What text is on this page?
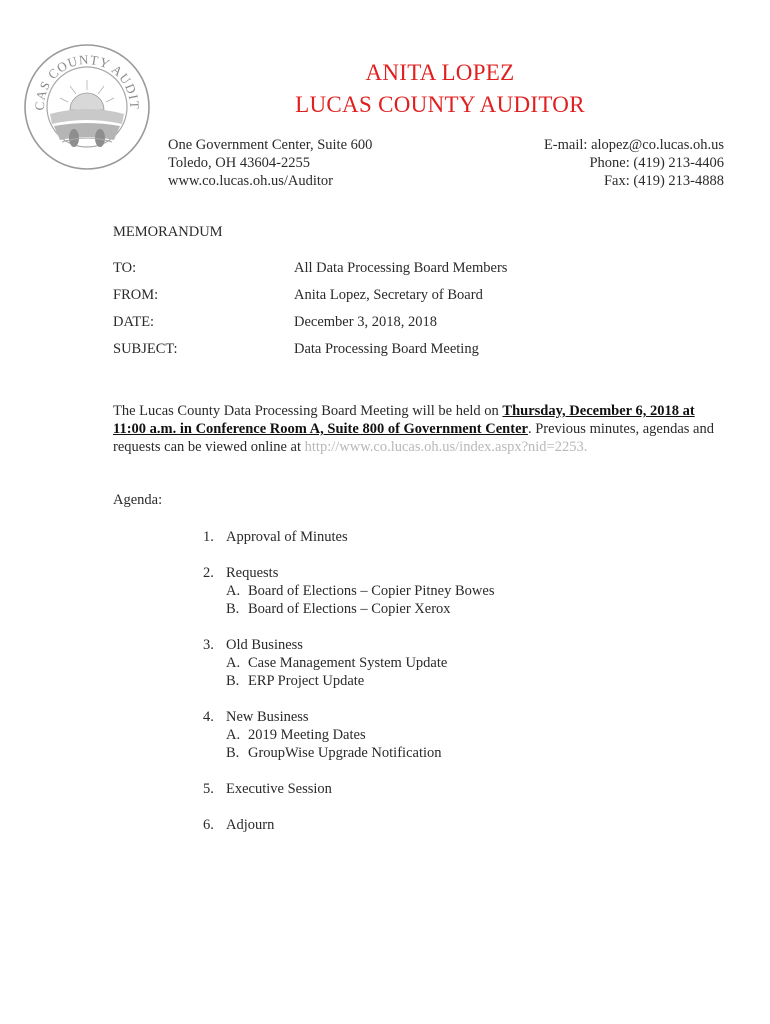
CAS COUNTY AUDIT
ANITA LOPEZ
LUCAS COUNTY AUDITOR
One Government Center, Suite 600
Toledo, OH 43604-2255
www.co.lucas.oh.us/Auditor
E-mail: alopez@co.lucas.oh.us
Phone: (419) 213-4406
Fax: (419) 213-4888
MEMORANDUM
TO:	All Data Processing Board Members
FROM:	Anita Lopez, Secretary of Board
DATE:	December 3, 2018, 2018
SUBJECT:	Data Processing Board Meeting
The Lucas County Data Processing Board Meeting will be held on Thursday, December 6, 2018 at 11:00 a.m. in Conference Room A, Suite 800 of Government Center. Previous minutes, agendas and requests can be viewed online at http://www.co.lucas.oh.us/index.aspx?nid=2253.
Agenda:
1. Approval of Minutes
2. Requests
A. Board of Elections – Copier Pitney Bowes
B. Board of Elections – Copier Xerox
3. Old Business
A. Case Management System Update
B. ERP Project Update
4. New Business
A. 2019 Meeting Dates
B. GroupWise Upgrade Notification
5. Executive Session
6. Adjourn
